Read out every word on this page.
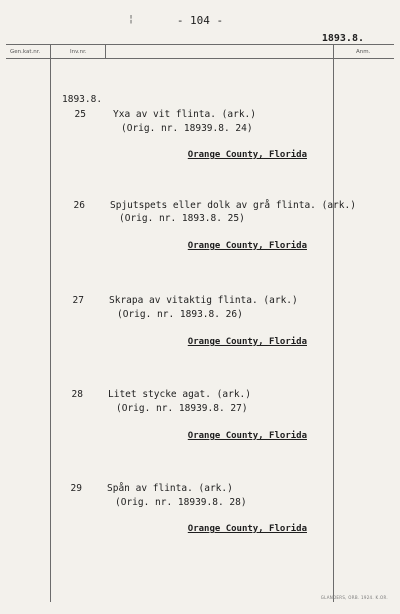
- 104 -
¦
1893.8.
Gen.kat.nr.	Inv.nr.	Anm.
1893.8.
25	Yxa av vit flinta. (ark.)
(Orig. nr. 18939.8. 24)
Orange County, Florida
26	Spjutspets eller dolk av grå flinta. (ark.)
(Orig. nr. 1893.8. 25)
Orange County, Florida
27	Skrapa av vitaktig flinta. (ark.)
(Orig. nr. 1893.8. 26)
Orange County, Florida
28	Litet stycke agat. (ark.)
(Orig. nr. 18939.8. 27)
Orange County, Florida
29	Spån av flinta. (ark.)
(Orig. nr. 18939.8. 28)
Orange County, Florida
GLANDERS, ORB. 1924. K.OR.
